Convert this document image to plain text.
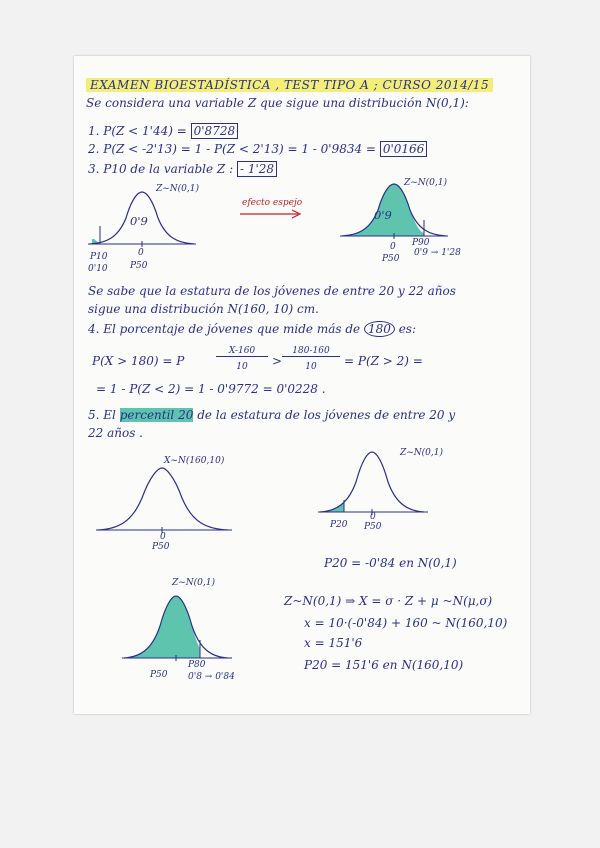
EXAMEN BIOESTADÍSTICA , TEST TIPO A ; CURSO 2014/15
Se considera una variable Z que sigue una distribución N(0,1):
1. P(Z < 1'44) = 0'8728
2. P(Z < -2'13) = 1 - P(Z < 2'13) = 1 - 0'9834 = 0'0166
3. P10 de la variable Z : - 1'28
Z~N(0,1)
0'9
0
P10
0'10 P50
efecto espejo
Z~N(0,1)
0'9
P90
0
P50
0'9 → 1'28
Se sabe que la estatura de los jóvenes de entre 20 y 22 años
sigue una distribución N(160, 10) cm.
4. El porcentaje de jóvenes que mide más de 180 es:
P(X > 180) = P
X-160
10	>
180-160
10	= P(Z > 2) =
= 1 - P(Z < 2) = 1 - 0'9772 = 0'0228 .
5. El percentil 20 de la estatura de los jóvenes de entre 20 y
22 años .
X~N(160,10)
0
P50
Z~N(0,1)
P20
0
P50
P20 = -0'84 en N(0,1)
Z~N(0,1)
P50
P80
0'8 → 0'84
Z~N(0,1) ⇒ X = σ · Z + μ ~N(μ,σ)
x = 10·(-0'84) + 160 ~ N(160,10)
x = 151'6
P20 = 151'6 en N(160,10)
